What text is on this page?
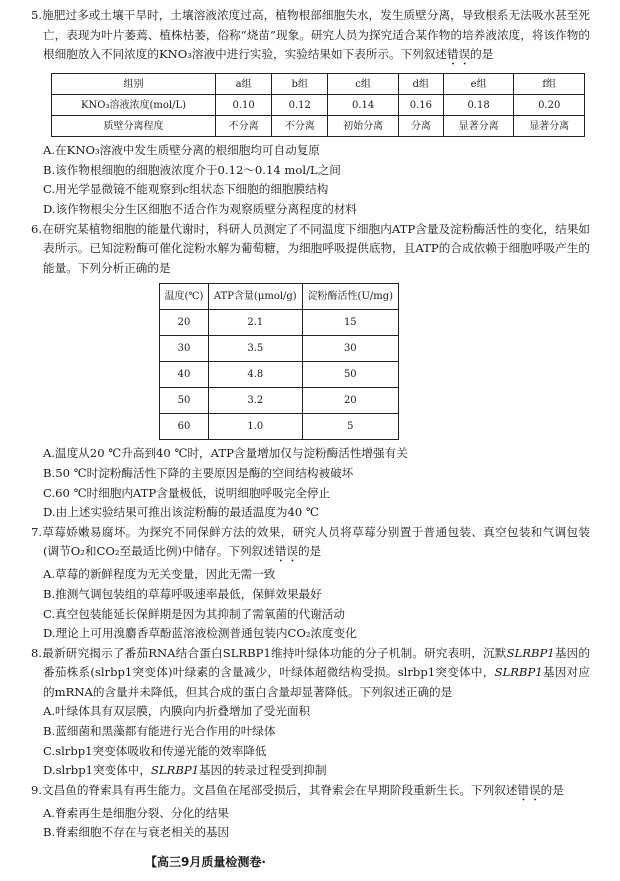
5.施肥过多或土壤干旱时，土壤溶液浓度过高，植物根部细胞失水，发生质壁分离，导致根系无法吸水甚至死亡，表现为叶片萎蔫、植株枯萎，俗称“烧苗”现象。研究人员为探究适合某作物的培养液浓度，将该作物的根细胞放入不同浓度的KNO₃溶液中进行实验，实验结果如下表所示。下列叙述错误的是

组别	a组	b组	c组	d组	e组	f组
KNO₃溶液浓度(mol/L)	0.10	0.12	0.14	0.16	0.18	0.20
质壁分离程度	不分离	不分离	初始分离	分离	显著分离	显著分离

A.在KNO₃溶液中发生质壁分离的根细胞均可自动复原

B.该作物根细胞的细胞液浓度介于0.12～0.14 mol/L之间

C.用光学显微镜不能观察到c组状态下细胞的细胞膜结构

D.该作物根尖分生区细胞不适合作为观察质壁分离程度的材料

6.在研究某植物细胞的能量代谢时，科研人员测定了不同温度下细胞内ATP含量及淀粉酶活性的变化，结果如表所示。已知淀粉酶可催化淀粉水解为葡萄糖，为细胞呼吸提供底物，且ATP的合成依赖于细胞呼吸产生的能量。下列分析正确的是

温度(℃)	ATP含量(μmol/g)	淀粉酶活性(U/mg)
20	2.1	15
30	3.5	30
40	4.8	50
50	3.2	20
60	1.0	5

A.温度从20 ℃升高到40 ℃时，ATP含量增加仅与淀粉酶活性增强有关

B.50 ℃时淀粉酶活性下降的主要原因是酶的空间结构被破坏

C.60 ℃时细胞内ATP含量极低，说明细胞呼吸完全停止

D.由上述实验结果可推出该淀粉酶的最适温度为40 ℃

7.草莓娇嫩易腐坏。为探究不同保鲜方法的效果，研究人员将草莓分别置于普通包装、真空包装和气调包装(调节O₂和CO₂至最适比例)中储存。下列叙述错误的是

A.草莓的新鲜程度为无关变量，因此无需一致

B.推测气调包装组的草莓呼吸速率最低，保鲜效果最好

C.真空包装能延长保鲜期是因为其抑制了需氧菌的代谢活动

D.理论上可用溴麝香草酚蓝溶液检测普通包装内CO₂浓度变化

8.最新研究揭示了番茄RNA结合蛋白SLRBP1维持叶绿体功能的分子机制。研究表明，沉默SLRBP1基因的番茄株系(slrbp1突变体)叶绿素的含量减少，叶绿体超微结构受损。slrbp1突变体中，SLRBP1基因对应的mRNA的含量并未降低，但其合成的蛋白含量却显著降低。下列叙述正确的是

A.叶绿体具有双层膜，内膜向内折叠增加了受光面积

B.蓝细菌和黑藻都有能进行光合作用的叶绿体

C.slrbp1突变体吸收和传递光能的效率降低

D.slrbp1突变体中，SLRBP1基因的转录过程受到抑制

9.文昌鱼的脊索具有再生能力。文昌鱼在尾部受损后，其脊索会在早期阶段重新生长。下列叙述错误的是

A.脊索再生是细胞分裂、分化的结果

B.脊索细胞不存在与衰老相关的基因

【高三9月质量检测卷·
